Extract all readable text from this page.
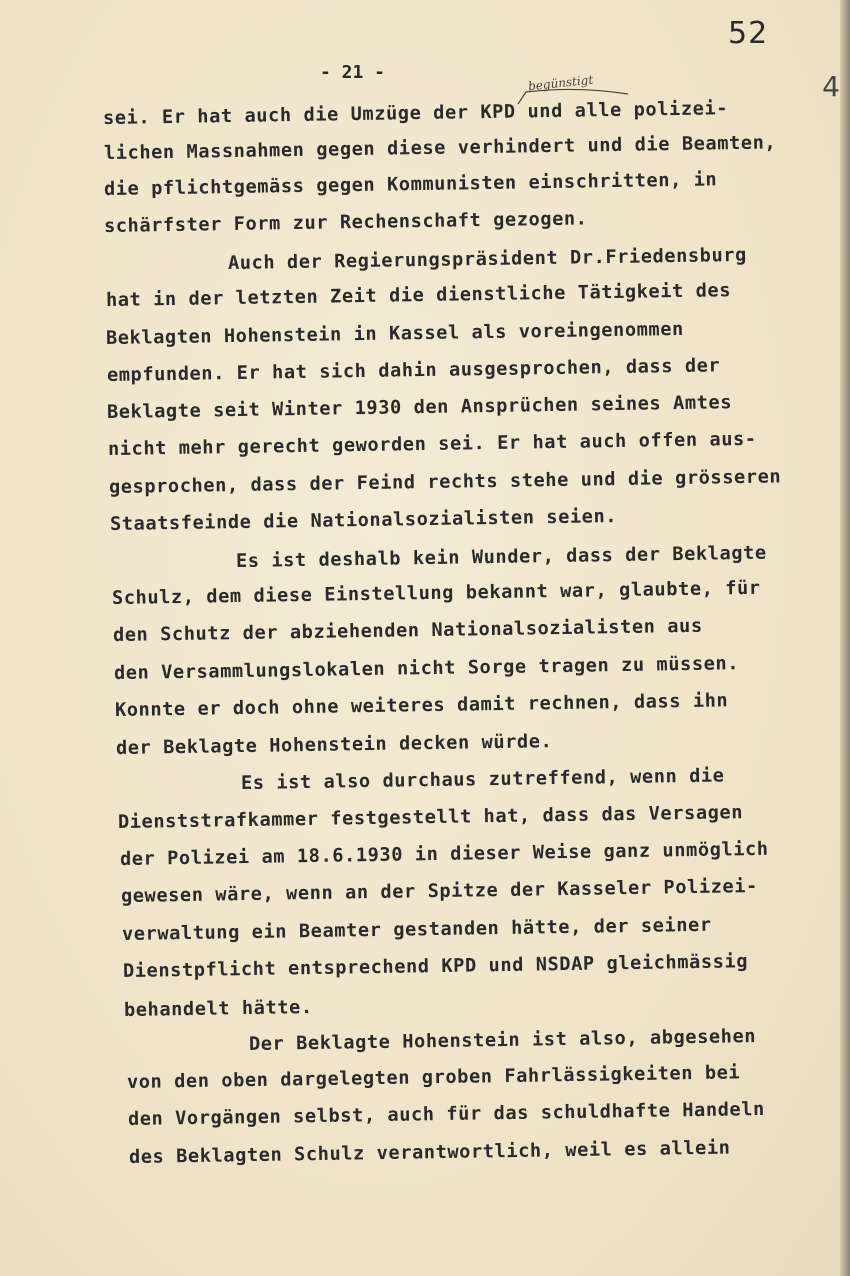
52
4
- 21 -	begünstigt
sei. Er hat auch die Umzüge der KPD und alle polizei-
lichen Massnahmen gegen diese verhindert und die Beamten,
die pflichtgemäss gegen Kommunisten einschritten, in
schärfster Form zur Rechenschaft gezogen.
Auch der Regierungspräsident Dr.Friedensburg
hat in der letzten Zeit die dienstliche Tätigkeit des
Beklagten Hohenstein in Kassel als voreingenommen
empfunden. Er hat sich dahin ausgesprochen, dass der
Beklagte seit Winter 1930 den Ansprüchen seines Amtes
nicht mehr gerecht geworden sei. Er hat auch offen aus-
gesprochen, dass der Feind rechts stehe und die grösseren
Staatsfeinde die Nationalsozialisten seien.
Es ist deshalb kein Wunder, dass der Beklagte
Schulz, dem diese Einstellung bekannt war, glaubte, für
den Schutz der abziehenden Nationalsozialisten aus
den Versammlungslokalen nicht Sorge tragen zu müssen.
Konnte er doch ohne weiteres damit rechnen, dass ihn
der Beklagte Hohenstein decken würde.
Es ist also durchaus zutreffend, wenn die
Dienststrafkammer festgestellt hat, dass das Versagen
der Polizei am 18.6.1930 in dieser Weise ganz unmöglich
gewesen wäre, wenn an der Spitze der Kasseler Polizei-
verwaltung ein Beamter gestanden hätte, der seiner
Dienstpflicht entsprechend KPD und NSDAP gleichmässig
behandelt hätte.
Der Beklagte Hohenstein ist also, abgesehen
von den oben dargelegten groben Fahrlässigkeiten bei
den Vorgängen selbst, auch für das schuldhafte Handeln
des Beklagten Schulz verantwortlich, weil es allein
